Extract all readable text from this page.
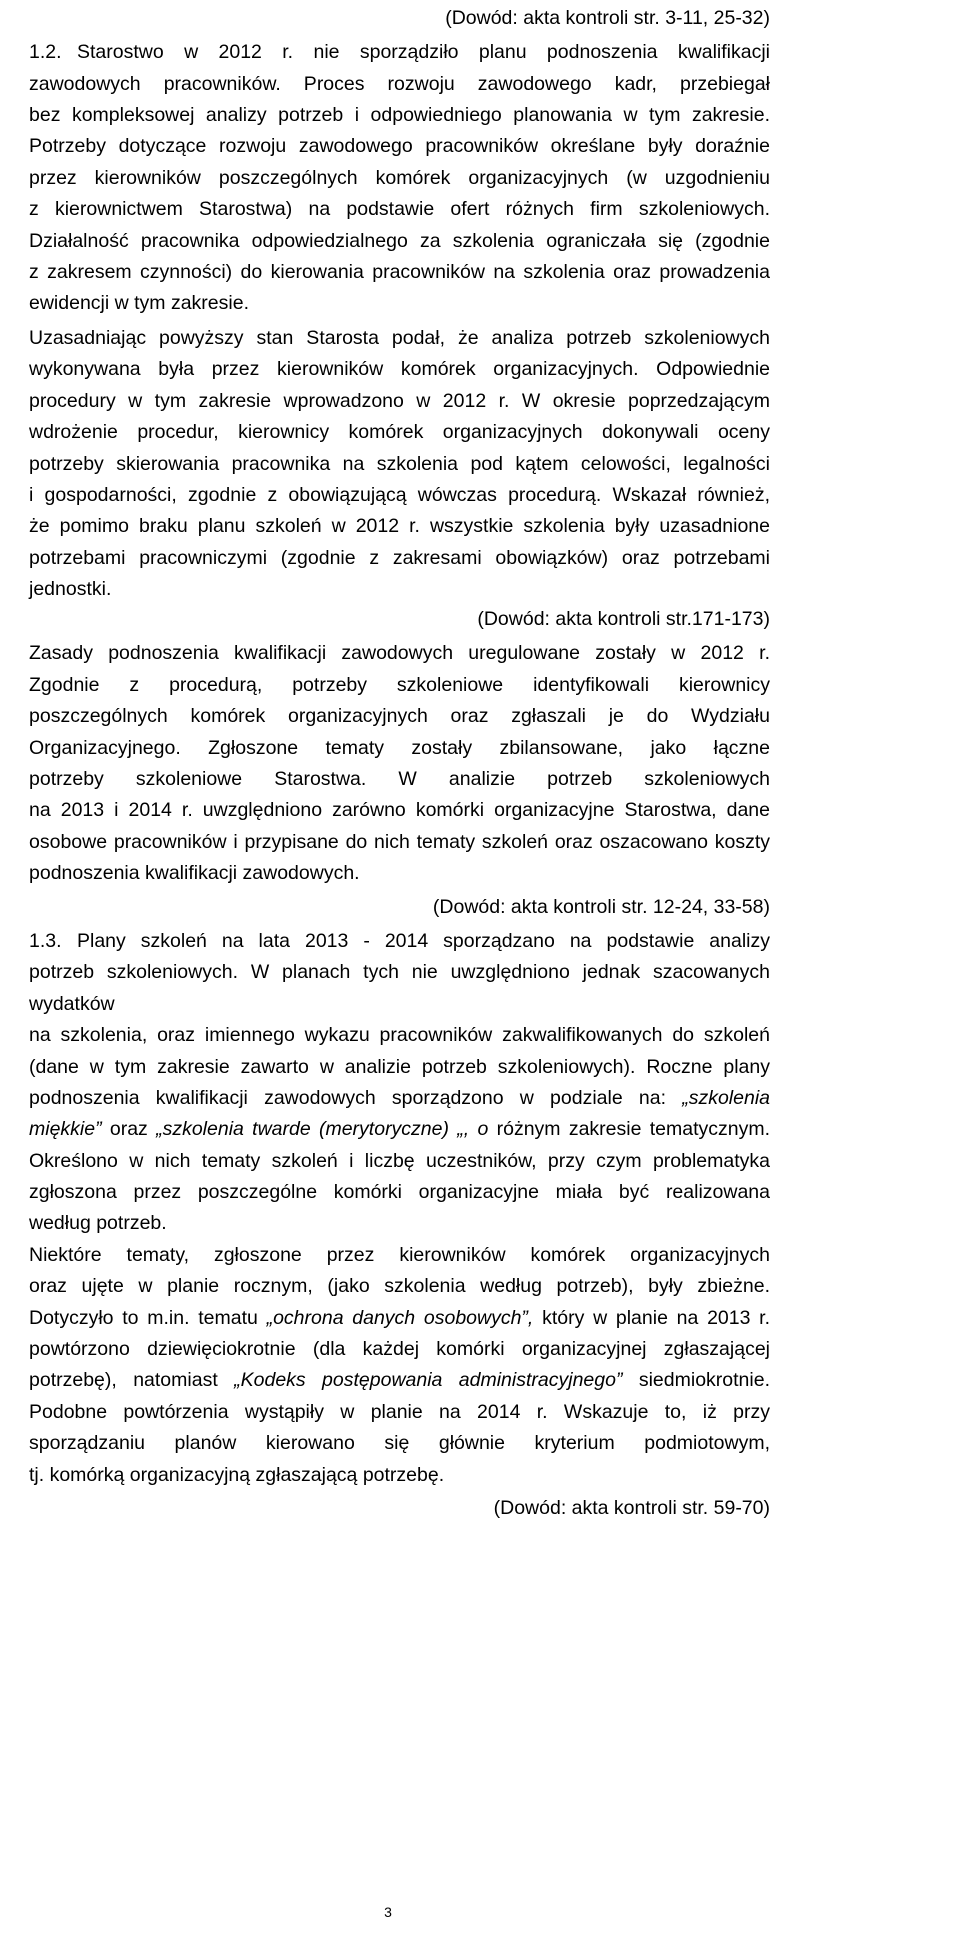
(Dowód: akta kontroli str. 3-11, 25-32)
1.2. Starostwo w 2012 r. nie sporządziło planu podnoszenia kwalifikacji
zawodowych pracowników. Proces rozwoju zawodowego kadr, przebiegał
bez kompleksowej analizy potrzeb i odpowiedniego planowania w tym zakresie.
Potrzeby dotyczące rozwoju zawodowego pracowników określane były doraźnie
przez kierowników poszczególnych komórek organizacyjnych (w uzgodnieniu
z kierownictwem Starostwa) na podstawie ofert różnych firm szkoleniowych.
Działalność pracownika odpowiedzialnego za szkolenia ograniczała się (zgodnie
z zakresem czynności) do kierowania pracowników na szkolenia oraz prowadzenia
ewidencji w tym zakresie.
Uzasadniając powyższy stan Starosta podał, że analiza potrzeb szkoleniowych
wykonywana była przez kierowników komórek organizacyjnych. Odpowiednie
procedury w tym zakresie wprowadzono w 2012 r. W okresie poprzedzającym
wdrożenie procedur, kierownicy komórek organizacyjnych dokonywali oceny
potrzeby skierowania pracownika na szkolenia pod kątem celowości, legalności
i gospodarności, zgodnie z obowiązującą wówczas procedurą. Wskazał również,
że pomimo braku planu szkoleń w 2012 r. wszystkie szkolenia były uzasadnione
potrzebami pracowniczymi (zgodnie z zakresami obowiązków) oraz potrzebami
jednostki.
(Dowód: akta kontroli str.171-173)
Zasady podnoszenia kwalifikacji zawodowych uregulowane zostały w 2012 r.
Zgodnie z procedurą, potrzeby szkoleniowe identyfikowali kierownicy
poszczególnych komórek organizacyjnych oraz zgłaszali je do Wydziału
Organizacyjnego. Zgłoszone tematy zostały zbilansowane, jako łączne
potrzeby szkoleniowe Starostwa. W analizie potrzeb szkoleniowych
na 2013 i 2014 r. uwzględniono zarówno komórki organizacyjne Starostwa, dane
osobowe pracowników i przypisane do nich tematy szkoleń oraz oszacowano koszty
podnoszenia kwalifikacji zawodowych.
(Dowód: akta kontroli str. 12-24, 33-58)
1.3. Plany szkoleń na lata 2013 - 2014 sporządzano na podstawie analizy
potrzeb szkoleniowych. W planach tych nie uwzględniono jednak szacowanych
wydatków
na szkolenia, oraz imiennego wykazu pracowników zakwalifikowanych do szkoleń
(dane w tym zakresie zawarto w analizie potrzeb szkoleniowych). Roczne plany
podnoszenia kwalifikacji zawodowych sporządzono w podziale na: „szkolenia
miękkie” oraz „szkolenia twarde (merytoryczne) „, o różnym zakresie tematycznym.
Określono w nich tematy szkoleń i liczbę uczestników, przy czym problematyka
zgłoszona przez poszczególne komórki organizacyjne miała być realizowana
według potrzeb.
Niektóre tematy, zgłoszone przez kierowników komórek organizacyjnych
oraz ujęte w planie rocznym, (jako szkolenia według potrzeb), były zbieżne.
Dotyczyło to m.in. tematu „ochrona danych osobowych”, który w planie na 2013 r.
powtórzono dziewięciokrotnie (dla każdej komórki organizacyjnej zgłaszającej
potrzebę), natomiast „Kodeks postępowania administracyjnego” siedmiokrotnie.
Podobne powtórzenia wystąpiły w planie na 2014 r. Wskazuje to, iż przy
sporządzaniu planów kierowano się głównie kryterium podmiotowym,
tj. komórką organizacyjną zgłaszającą potrzebę.
(Dowód: akta kontroli str. 59-70)
3
